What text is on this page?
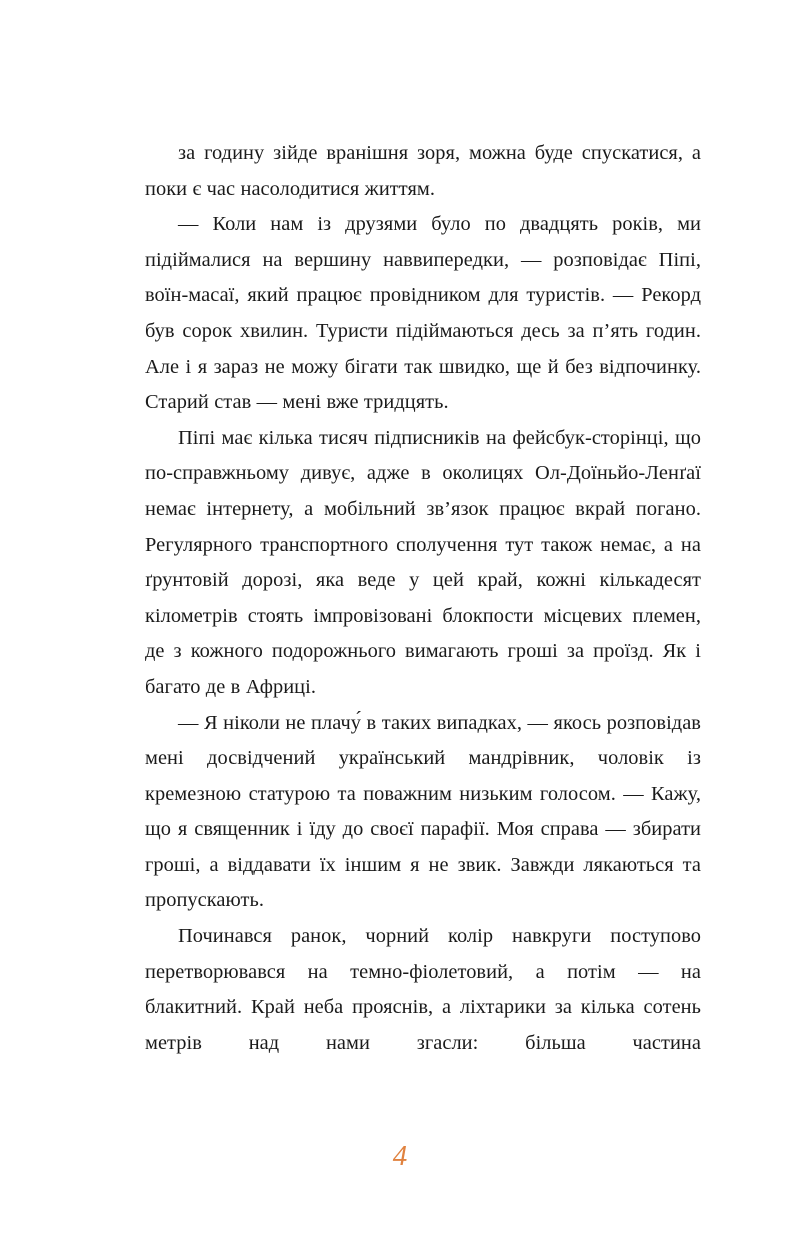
за годину зійде вранішня зоря, можна буде спускатися, а поки є час насолодитися життям.

— Коли нам із друзями було по двадцять років, ми підіймалися на вершину наввипередки, — розповідає Піпі, воїн-масаї, який працює провідником для туристів. — Рекорд був сорок хвилин. Туристи підіймаються десь за п’ять годин. Але і я зараз не можу бігати так швидко, ще й без відпочинку. Старий став — мені вже тридцять.

Піпі має кілька тисяч підписників на фейсбук-сторінці, що по-справжньому дивує, адже в околицях Ол-Доїньйо-Ленґаї немає інтернету, а мобільний зв’язок працює вкрай погано. Регулярного транспортного сполучення тут також немає, а на ґрунтовій дорозі, яка веде у цей край, кожні кількадесят кілометрів стоять імпровізовані блокпости місцевих племен, де з кожного подорожнього вимагають гроші за проїзд. Як і багато де в Африці.

— Я ніколи не плачу́ в таких випадках, — якось розповідав мені досвідчений український мандрівник, чоловік із кремезною статурою та поважним низьким голосом. — Кажу, що я священник і їду до своєї парафії. Моя справа — збирати гроші, а віддавати їх іншим я не звик. Завжди лякаються та пропускають.

Починався ранок, чорний колір навкруги поступово перетворювався на темно-фіолетовий, а потім — на блакитний. Край неба прояснів, а ліхтарики за кілька сотень метрів над нами згасли: більша частина

4
